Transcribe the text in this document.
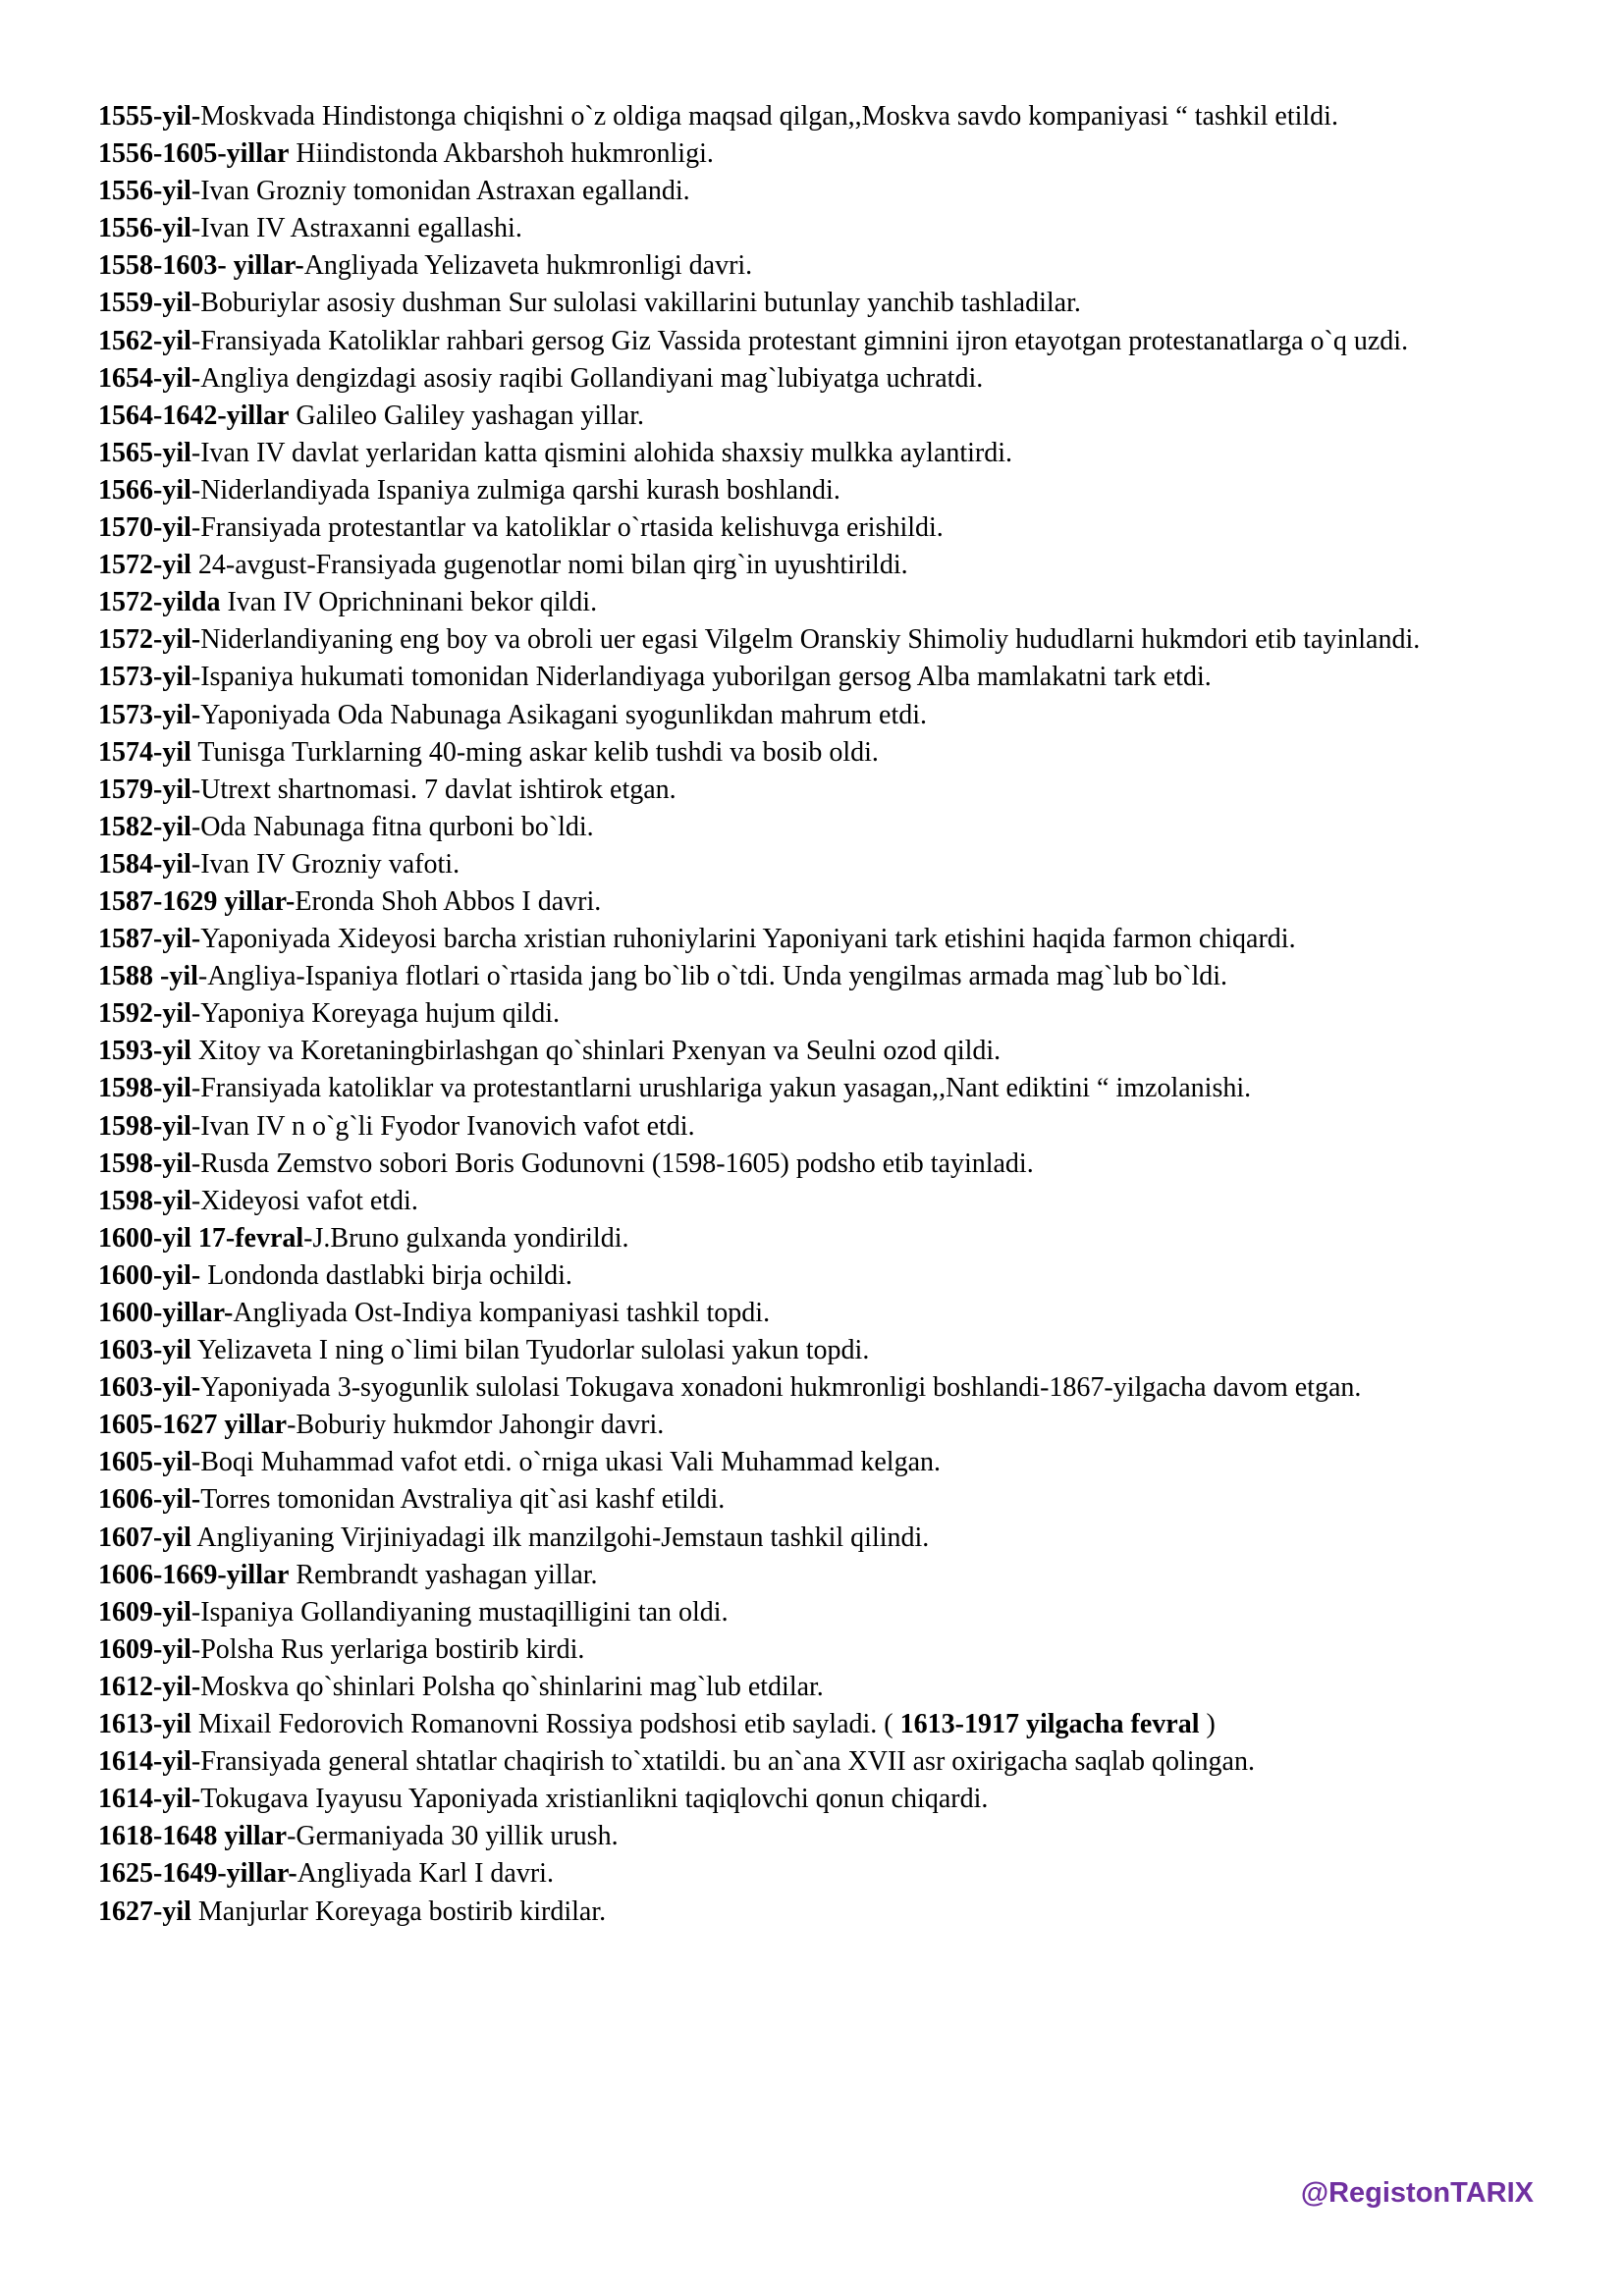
1555-yil-Moskvada Hindistonga chiqishni o`z oldiga maqsad qilgan,,Moskva savdo kompaniyasi “ tashkil etildi.

1556-1605-yillar Hiindistonda Akbarshoh hukmronligi.

1556-yil-Ivan Grozniy tomonidan Astraxan egallandi.

1556-yil-Ivan IV Astraxanni egallashi.

1558-1603- yillar-Angliyada Yelizaveta hukmronligi davri.

1559-yil-Boburiylar asosiy dushman Sur sulolasi vakillarini butunlay yanchib tashladilar.

1562-yil-Fransiyada Katoliklar rahbari gersog Giz Vassida protestant gimnini ijron etayotgan protestanatlarga o`q uzdi.

1654-yil-Angliya dengizdagi asosiy raqibi Gollandiyani mag`lubiyatga uchratdi.

1564-1642-yillar Galileo Galiley yashagan yillar.

1565-yil-Ivan IV davlat yerlaridan katta qismini alohida shaxsiy mulkka aylantirdi.

1566-yil-Niderlandiyada Ispaniya zulmiga qarshi kurash boshlandi.

1570-yil-Fransiyada protestantlar va katoliklar o`rtasida kelishuvga erishildi.

1572-yil 24-avgust-Fransiyada gugenotlar nomi bilan qirg`in uyushtirildi.

1572-yilda Ivan IV Oprichninani bekor qildi.

1572-yil-Niderlandiyaning eng boy va obroli uer egasi Vilgelm Oranskiy Shimoliy hududlarni hukmdori etib tayinlandi.

1573-yil-Ispaniya hukumati tomonidan Niderlandiyaga yuborilgan gersog Alba mamlakatni tark etdi.

1573-yil-Yaponiyada Oda Nabunaga Asikagani syogunlikdan mahrum etdi.

1574-yil Tunisga Turklarning 40-ming askar kelib tushdi va bosib oldi.

1579-yil-Utrext shartnomasi. 7 davlat ishtirok etgan.

1582-yil-Oda Nabunaga fitna qurboni bo`ldi.

1584-yil-Ivan IV Grozniy vafoti.

1587-1629 yillar-Eronda Shoh Abbos I davri.

1587-yil-Yaponiyada Xideyosi barcha xristian ruhoniylarini Yaponiyani tark etishini haqida farmon chiqardi.

1588 -yil-Angliya-Ispaniya flotlari o`rtasida jang bo`lib o`tdi. Unda yengilmas armada mag`lub bo`ldi.

1592-yil-Yaponiya Koreyaga hujum qildi.

1593-yil Xitoy va Koretaningbirlashgan qo`shinlari Pxenyan va Seulni ozod qildi.

1598-yil-Fransiyada katoliklar va protestantlarni urushlariga yakun yasagan,,Nant ediktini “ imzolanishi.

1598-yil-Ivan IV n o`g`li Fyodor Ivanovich vafot etdi.

1598-yil-Rusda Zemstvo sobori Boris Godunovni (1598-1605) podsho etib tayinladi.

1598-yil-Xideyosi vafot etdi.

1600-yil 17-fevral-J.Bruno gulxanda yondirildi.

1600-yil- Londonda dastlabki birja ochildi.

1600-yillar-Angliyada Ost-Indiya kompaniyasi tashkil topdi.

1603-yil Yelizaveta I ning o`limi bilan Tyudorlar sulolasi yakun topdi.

1603-yil-Yaponiyada 3-syogunlik sulolasi Tokugava xonadoni hukmronligi boshlandi-1867-yilgacha davom etgan.

1605-1627 yillar-Boburiy hukmdor Jahongir davri.

1605-yil-Boqi Muhammad vafot etdi. o`rniga ukasi Vali Muhammad kelgan.

1606-yil-Torres tomonidan Avstraliya qit`asi kashf etildi.

1607-yil Angliyaning Virjiniyadagi ilk manzilgohi-Jemstaun tashkil qilindi.

1606-1669-yillar Rembrandt yashagan yillar.

1609-yil-Ispaniya Gollandiyaning mustaqilligini tan oldi.

1609-yil-Polsha Rus yerlariga bostirib kirdi.

1612-yil-Moskva qo`shinlari Polsha qo`shinlarini mag`lub etdilar.

1613-yil Mixail Fedorovich Romanovni Rossiya podshosi etib sayladi. ( 1613-1917 yilgacha fevral )

1614-yil-Fransiyada general shtatlar chaqirish to`xtatildi. bu an`ana XVII asr oxirigacha saqlab qolingan.

1614-yil-Tokugava Iyayusu Yaponiyada xristianlikni taqiqlovchi qonun chiqardi.

1618-1648 yillar-Germaniyada 30 yillik urush.

1625-1649-yillar-Angliyada Karl I davri.

1627-yil Manjurlar Koreyaga bostirib kirdilar.

@RegistonTARIX
